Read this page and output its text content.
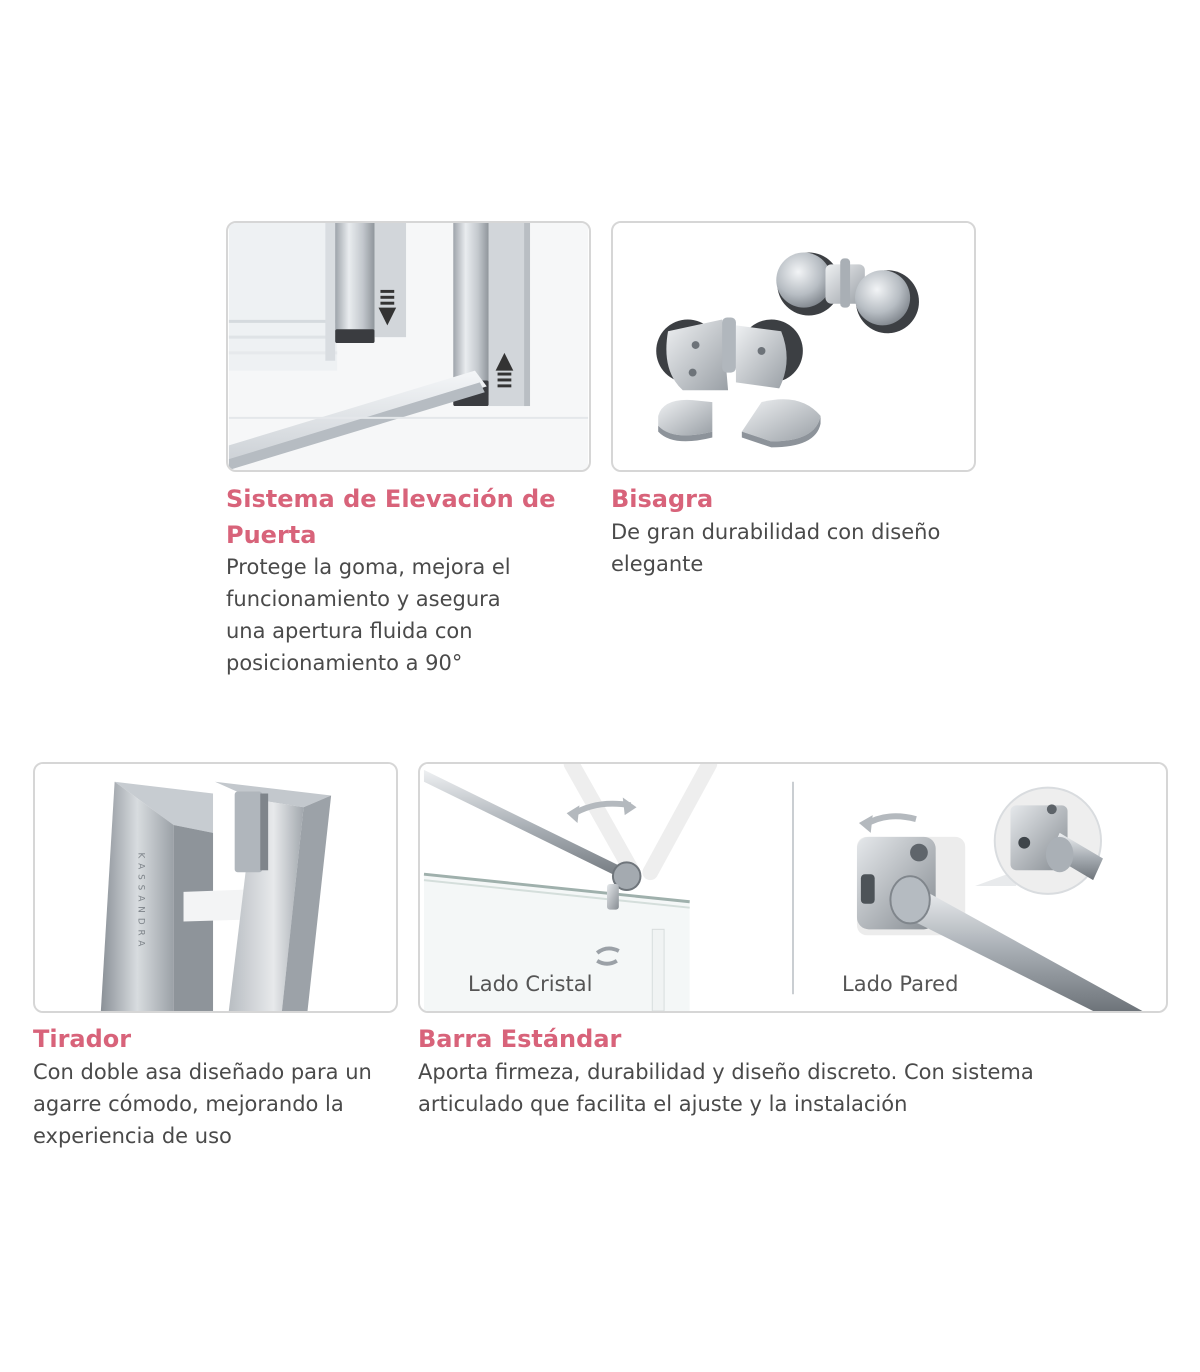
Sistema de Elevación de Puerta

Protege la goma, mejora el funcionamiento y asegura una apertura fluida con posicionamiento a 90°

Bisagra

De gran durabilidad con diseño elegante

KASSANDRA
Tirador

Con doble asa diseñado para un agarre cómodo, mejorando la experiencia de uso

Lado Cristal	Lado Pared
Barra Estándar

Aporta firmeza, durabilidad y diseño discreto. Con sistema articulado que facilita el ajuste y la instalación
